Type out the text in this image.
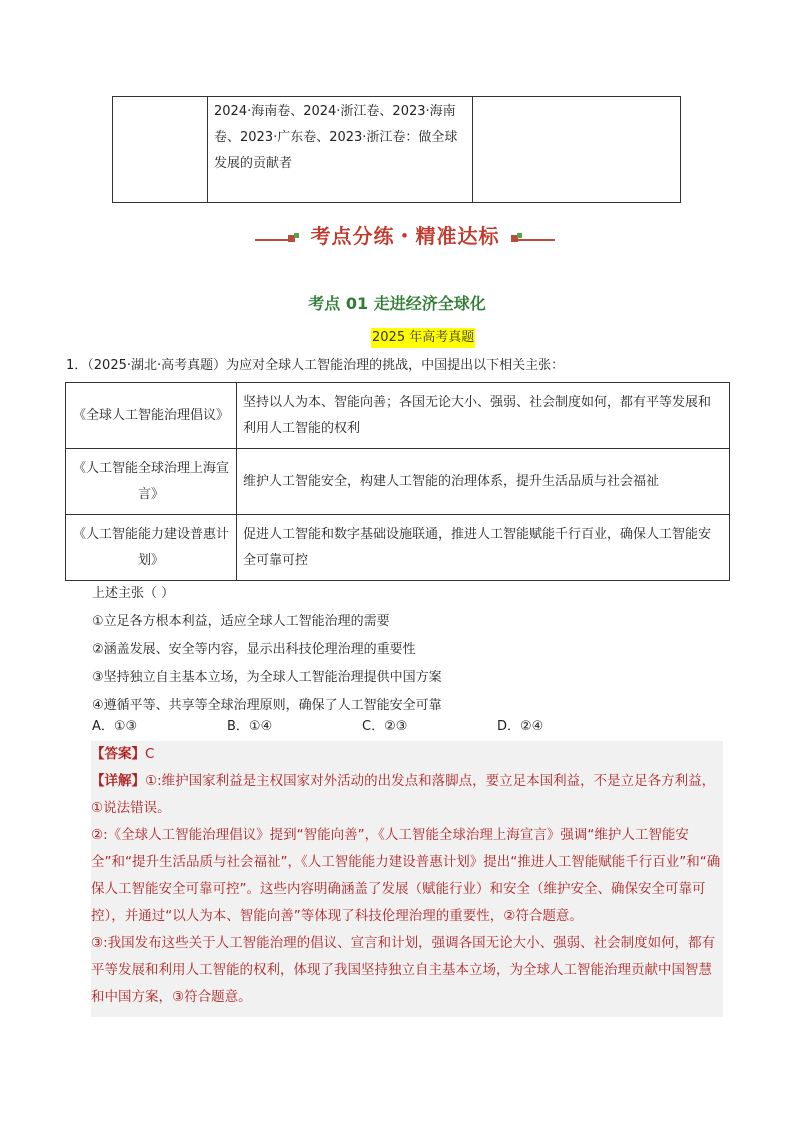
	2024·海南卷、2024·浙江卷、2023·海南卷、2023·广东卷、2023·浙江卷：做全球发展的贡献者	
考点分练・精准达标
考点 01 走进经济全球化
2025 年高考真题
1．（2025·湖北·高考真题）为应对全球人工智能治理的挑战，中国提出以下相关主张：
《全球人工智能治理倡议》	坚持以人为本、智能向善；各国无论大小、强弱、社会制度如何，都有平等发展和利用人工智能的权利
《人工智能全球治理上海宣言》	维护人工智能安全，构建人工智能的治理体系，提升生活品质与社会福祉
《人工智能能力建设普惠计划》	促进人工智能和数字基础设施联通，推进人工智能赋能千行百业，确保人工智能安全可靠可控
上述主张（ ）
①立足各方根本利益，适应全球人工智能治理的需要
②涵盖发展、安全等内容，显示出科技伦理治理的重要性
③坚持独立自主基本立场，为全球人工智能治理提供中国方案
④遵循平等、共享等全球治理原则，确保了人工智能安全可靠
A．①③	B．①④	C．②③	D．②④
【答案】C
【详解】①:维护国家利益是主权国家对外活动的出发点和落脚点，要立足本国利益，不是立足各方利益，①说法错误。
②:《全球人工智能治理倡议》提到“智能向善”，《人工智能全球治理上海宣言》强调“维护人工智能安全”和“提升生活品质与社会福祉”，《人工智能能力建设普惠计划》提出“推进人工智能赋能千行百业”和“确保人工智能安全可靠可控”。这些内容明确涵盖了发展（赋能行业）和安全（维护安全、确保安全可靠可控），并通过“以人为本、智能向善”等体现了科技伦理治理的重要性，②符合题意。
③:我国发布这些关于人工智能治理的倡议、宣言和计划，强调各国无论大小、强弱、社会制度如何，都有平等发展和利用人工智能的权利，体现了我国坚持独立自主基本立场，为全球人工智能治理贡献中国智慧和中国方案，③符合题意。
